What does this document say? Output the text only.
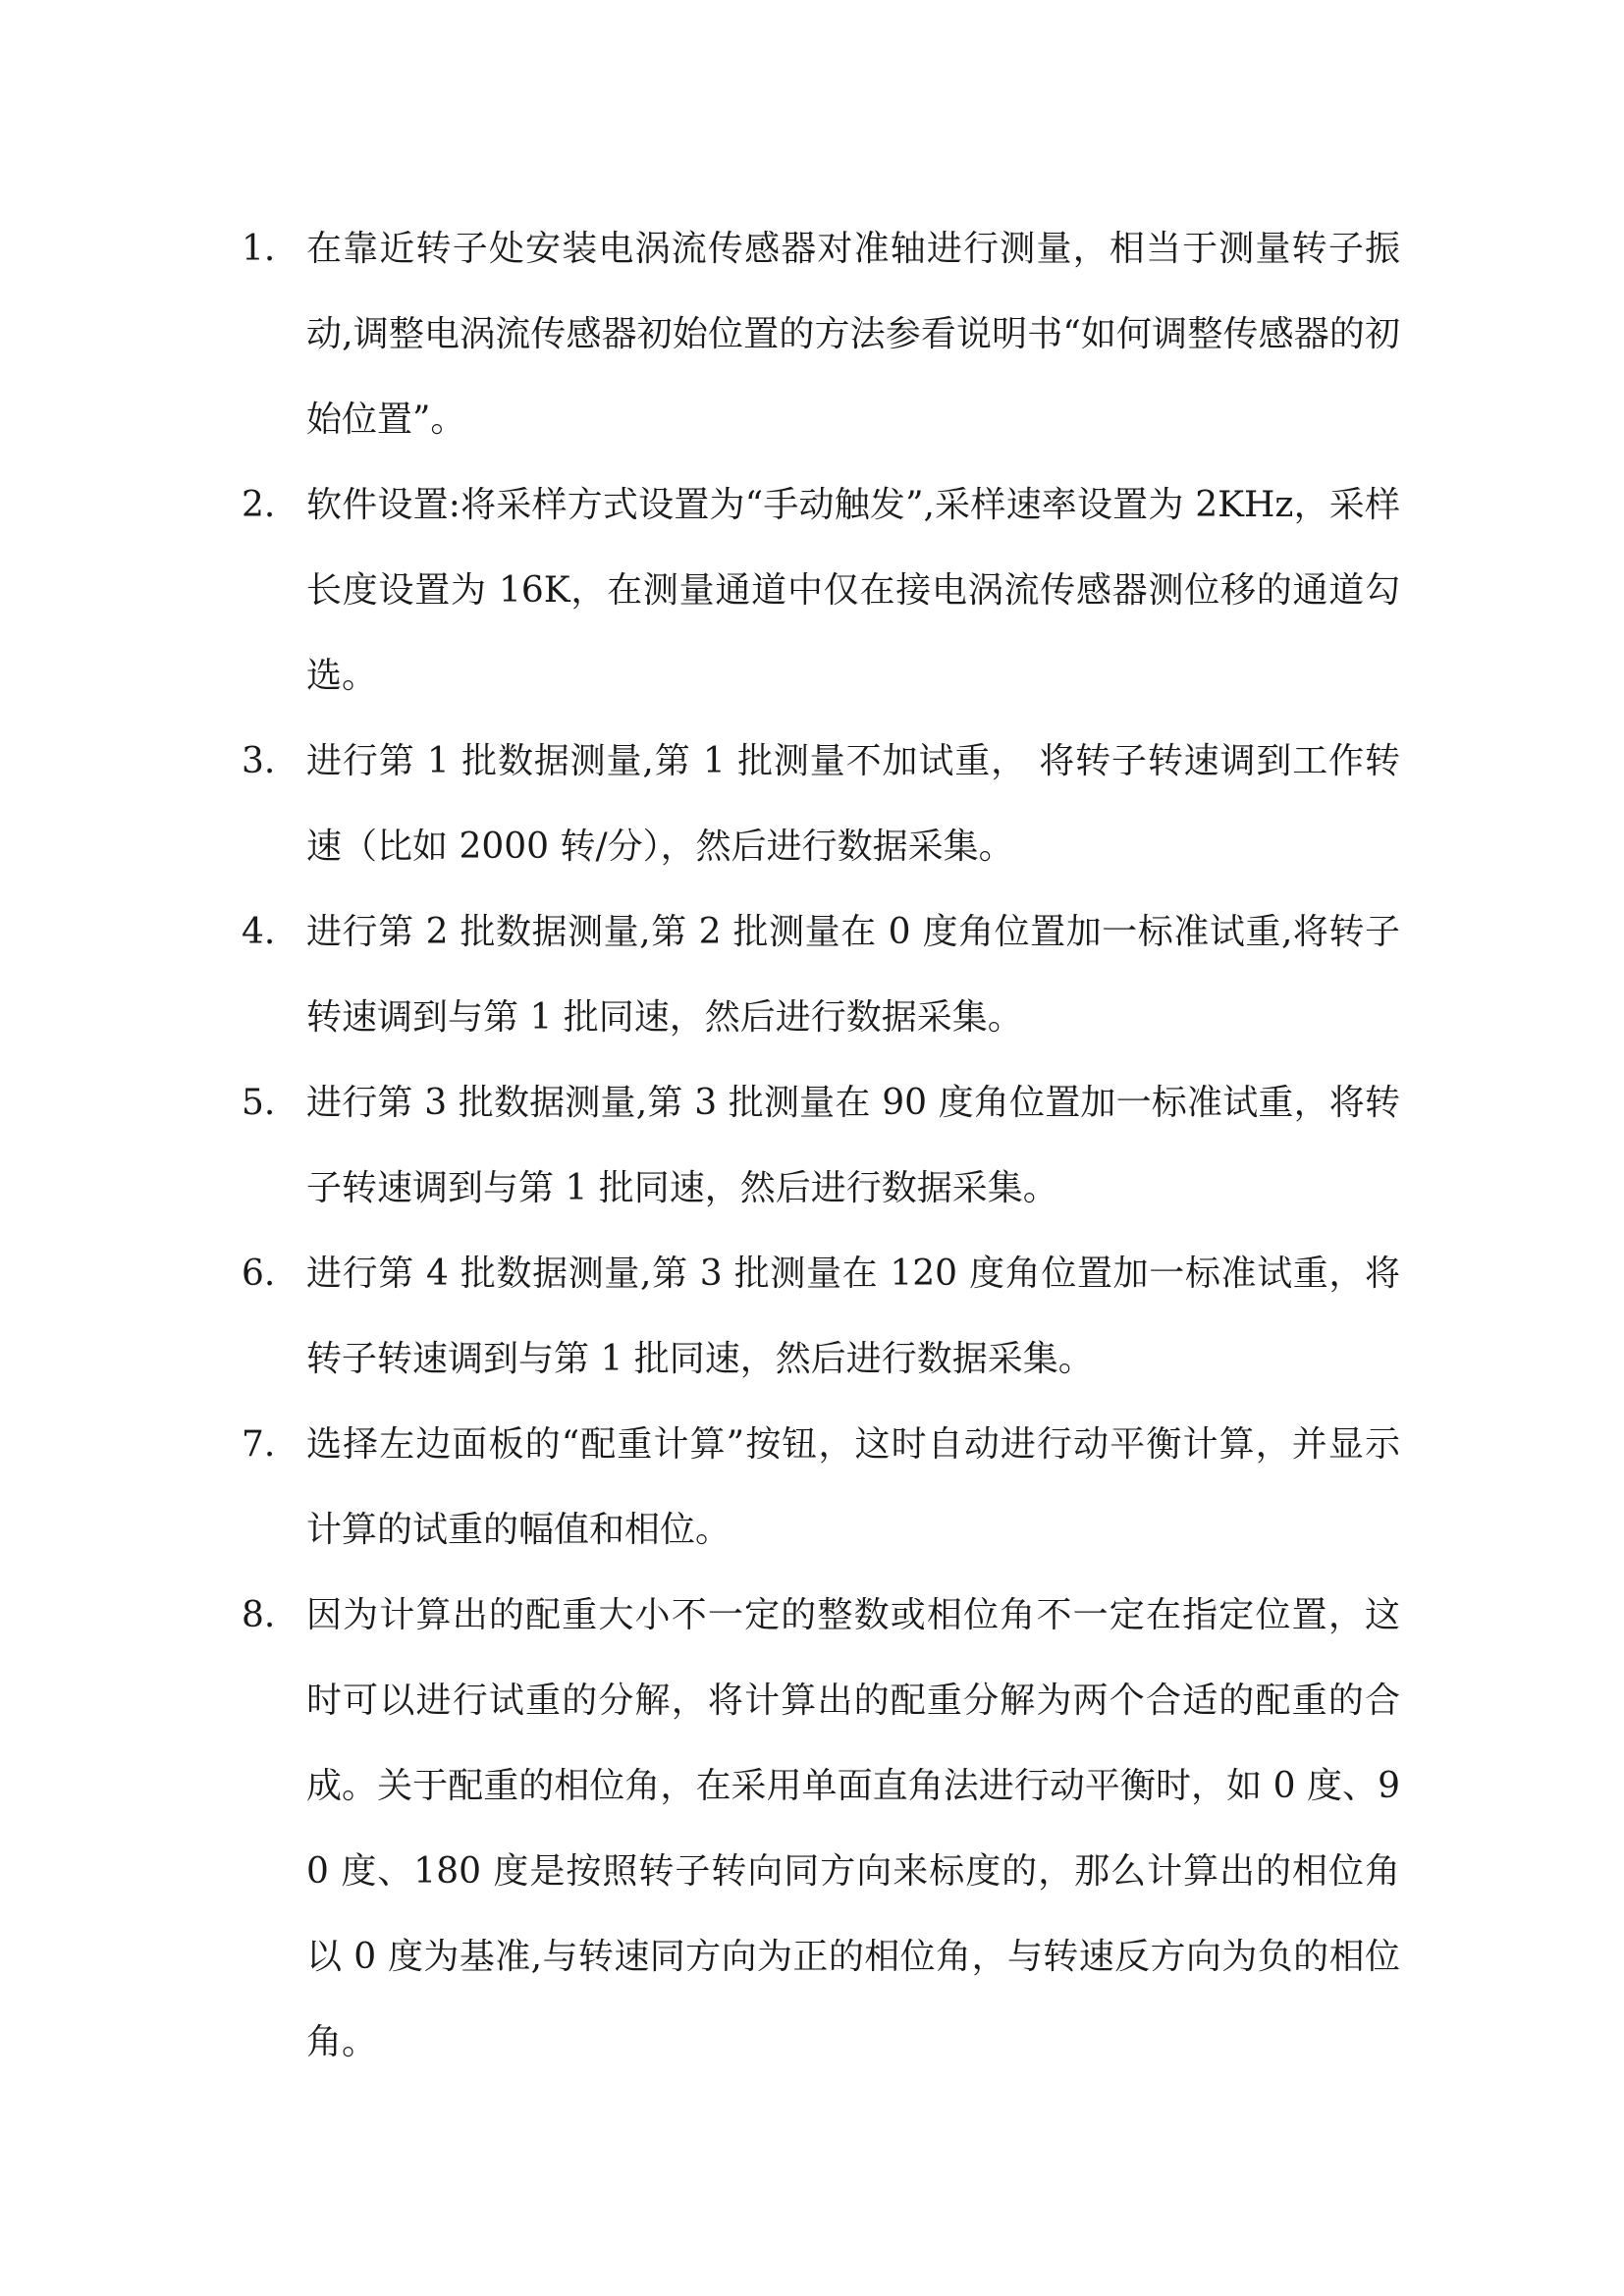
1. 在靠近转子处安装电涡流传感器对准轴进行测量，相当于测量转子振动,调整电涡流传感器初始位置的方法参看说明书“如何调整传感器的初始位置”。
2. 软件设置:将采样方式设置为“手动触发”,采样速率设置为 2KHz，采样长度设置为 16K，在测量通道中仅在接电涡流传感器测位移的通道勾选。
3. 进行第 1 批数据测量,第 1 批测量不加试重， 将转子转速调到工作转速（比如 2000 转/分），然后进行数据采集。
4. 进行第 2 批数据测量,第 2 批测量在 0 度角位置加一标准试重,将转子转速调到与第 1 批同速，然后进行数据采集。
5. 进行第 3 批数据测量,第 3 批测量在 90 度角位置加一标准试重，将转子转速调到与第 1 批同速，然后进行数据采集。
6. 进行第 4 批数据测量,第 3 批测量在 120 度角位置加一标准试重，将转子转速调到与第 1 批同速，然后进行数据采集。
7. 选择左边面板的“配重计算”按钮，这时自动进行动平衡计算，并显示计算的试重的幅值和相位。
8. 因为计算出的配重大小不一定的整数或相位角不一定在指定位置，这时可以进行试重的分解，将计算出的配重分解为两个合适的配重的合成。关于配重的相位角，在采用单面直角法进行动平衡时，如 0 度、90 度、180 度是按照转子转向同方向来标度的，那么计算出的相位角以 0 度为基准,与转速同方向为正的相位角，与转速反方向为负的相位角。
